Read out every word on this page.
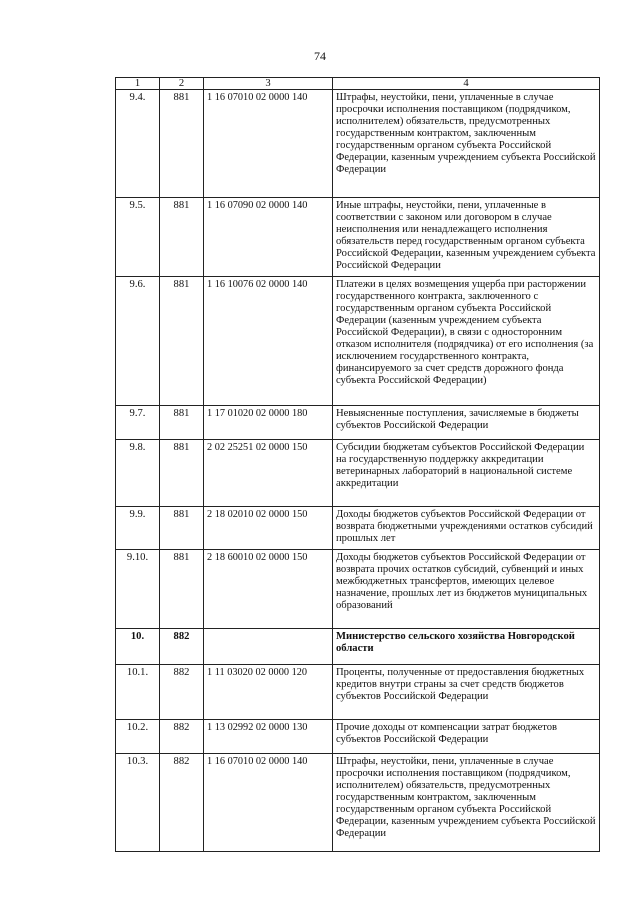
74
1	2	3	4
9.4.	881	1 16 07010 02 0000 140	Штрафы, неустойки, пени, уплаченные в случае просрочки исполнения поставщиком (подрядчиком, исполнителем) обязательств, предусмотренных государственным контрактом, заключенным государственным органом субъекта Российской Федерации, казенным учреждением субъекта Российской Федерации
9.5.	881	1 16 07090 02 0000 140	Иные штрафы, неустойки, пени, уплаченные в соответствии с законом или договором в случае неисполнения или ненадлежащего исполнения обязательств перед государственным органом субъекта Российской Федерации, казенным учреждением субъекта Российской Федерации
9.6.	881	1 16 10076 02 0000 140	Платежи в целях возмещения ущерба при расторжении государственного контракта, заключенного с государственным органом субъекта Российской Федерации (казенным учреждением субъекта Российской Федерации), в связи с односторонним отказом исполнителя (подрядчика) от его исполнения (за исключением государственного контракта, финансируемого за счет средств дорожного фонда субъекта Российской Федерации)
9.7.	881	1 17 01020 02 0000 180	Невыясненные поступления, зачисляемые в бюджеты субъектов Российской Федерации
9.8.	881	2 02 25251 02 0000 150	Субсидии бюджетам субъектов Российской Федерации на государственную поддержку аккредитации ветеринарных лабораторий в национальной системе аккредитации
9.9.	881	2 18 02010 02 0000 150	Доходы бюджетов субъектов Российской Федерации от возврата бюджетными учреждениями остатков субсидий прошлых лет
9.10.	881	2 18 60010 02 0000 150	Доходы бюджетов субъектов Российской Федерации от возврата прочих остатков субсидий, субвенций и иных межбюджетных трансфертов, имеющих целевое назначение, прошлых лет из бюджетов муниципальных образований
10.	882		Министерство сельского хозяйства Новгородской области
10.1.	882	1 11 03020 02 0000 120	Проценты, полученные от предоставления бюджетных кредитов внутри страны за счет средств бюджетов субъектов Российской Федерации
10.2.	882	1 13 02992 02 0000 130	Прочие доходы от компенсации затрат бюджетов субъектов Российской Федерации
10.3.	882	1 16 07010 02 0000 140	Штрафы, неустойки, пени, уплаченные в случае просрочки исполнения поставщиком (подрядчиком, исполнителем) обязательств, предусмотренных государственным контрактом, заключенным государственным органом субъекта Российской Федерации, казенным учреждением субъекта Российской Федерации
